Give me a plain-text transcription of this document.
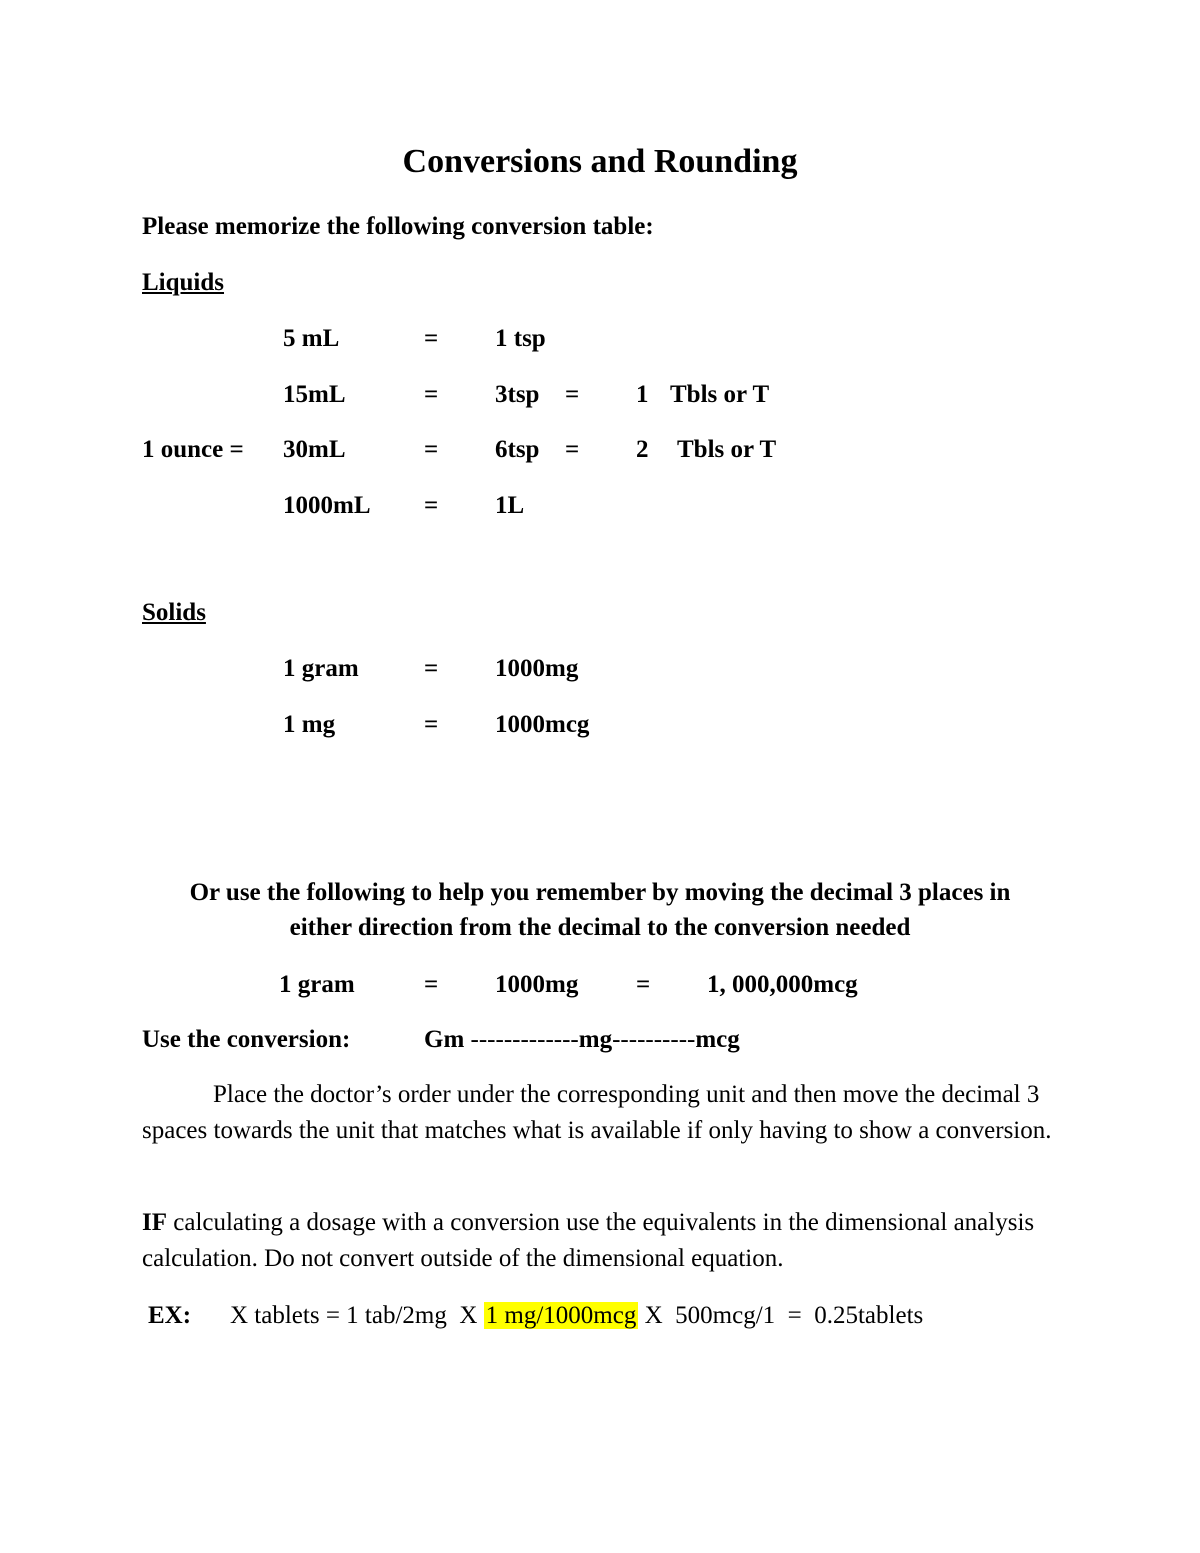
Conversions and Rounding
Please memorize the following conversion table:
Liquids
5 mL	= 1 tsp
15mL	= 3tsp = 1 Tbls or T
1 ounce = 30mL	= 6tsp = 2 Tbls or T
1000mL = 1L
Solids
1 gram	= 1000mg
1 mg	= 1000mcg
Or use the following to help you remember by moving the decimal 3 places in
either direction from the decimal to the conversion needed
1 gram	= 1000mg = 1, 000,000mcg
Use the conversion:	Gm -------------mg----------mcg

Place the doctor’s order under the corresponding unit and then move the decimal 3 spaces towards the unit that matches what is available if only having to show a conversion.

IF calculating a dosage with a conversion use the equivalents in the dimensional analysis calculation. Do not convert outside of the dimensional equation.

EX: X tablets = 1 tab/2mg  X 1 mg/1000mcg X  500mcg/1  =  0.25tablets
